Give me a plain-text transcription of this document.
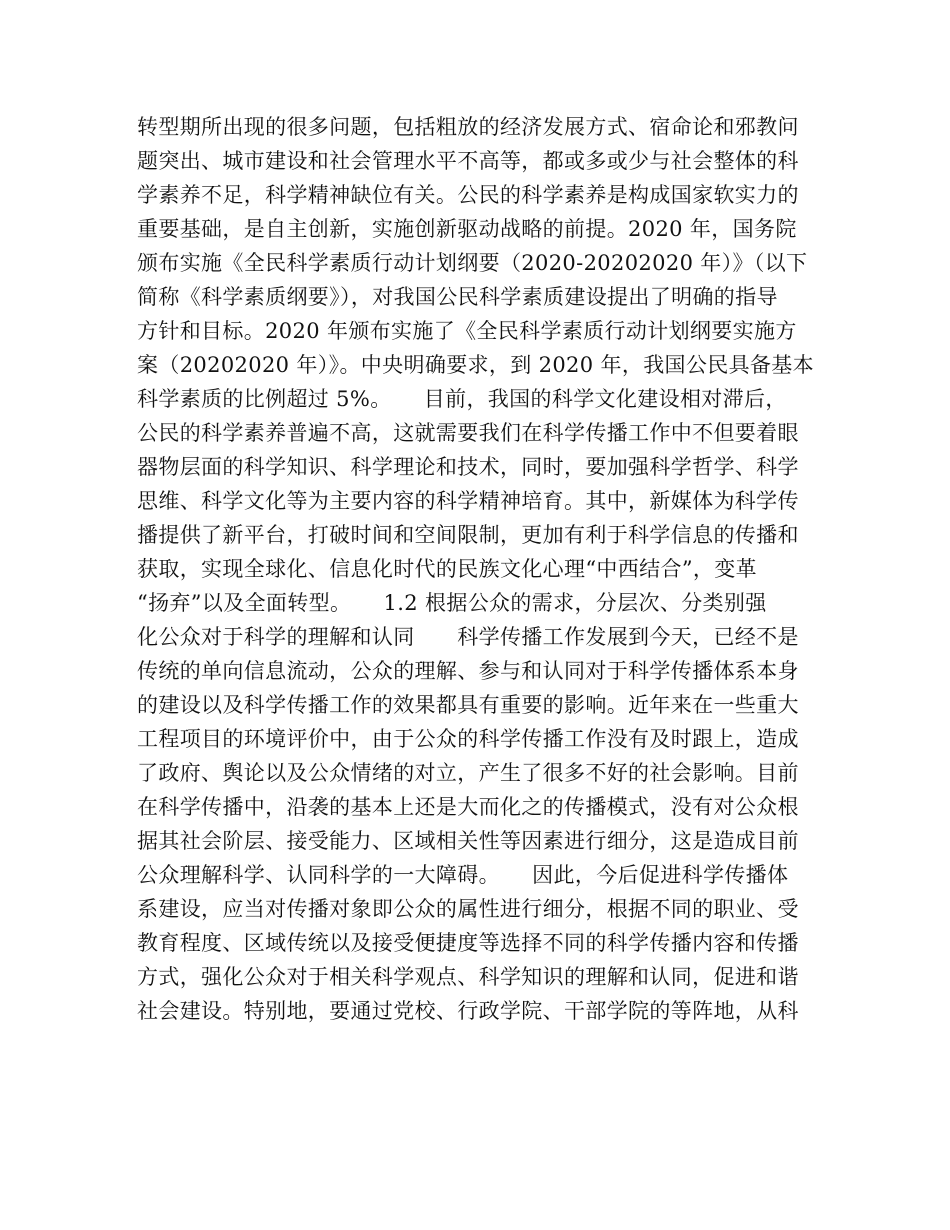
转型期所出现的很多问题，包括粗放的经济发展方式、宿命论和邪教问
题突出、城市建设和社会管理水平不高等，都或多或少与社会整体的科
学素养不足，科学精神缺位有关。公民的科学素养是构成国家软实力的
重要基础，是自主创新，实施创新驱动战略的前提。2020 年，国务院
颁布实施《全民科学素质行动计划纲要（2020-20202020 年）》（以下
简称《科学素质纲要》），对我国公民科学素质建设提出了明确的指导
方针和目标。2020 年颁布实施了《全民科学素质行动计划纲要实施方
案（20202020 年）》。中央明确要求，到 2020 年，我国公民具备基本
科学素质的比例超过 5%。　　目前，我国的科学文化建设相对滞后，
公民的科学素养普遍不高，这就需要我们在科学传播工作中不但要着眼
器物层面的科学知识、科学理论和技术，同时，要加强科学哲学、科学
思维、科学文化等为主要内容的科学精神培育。其中，新媒体为科学传
播提供了新平台，打破时间和空间限制，更加有利于科学信息的传播和
获取，实现全球化、信息化时代的民族文化心理“中西结合”，变革
“扬弃”以及全面转型。　　1.2 根据公众的需求，分层次、分类别强
化公众对于科学的理解和认同　　科学传播工作发展到今天，已经不是
传统的单向信息流动，公众的理解、参与和认同对于科学传播体系本身
的建设以及科学传播工作的效果都具有重要的影响。近年来在一些重大
工程项目的环境评价中，由于公众的科学传播工作没有及时跟上，造成
了政府、舆论以及公众情绪的对立，产生了很多不好的社会影响。目前
在科学传播中，沿袭的基本上还是大而化之的传播模式，没有对公众根
据其社会阶层、接受能力、区域相关性等因素进行细分，这是造成目前
公众理解科学、认同科学的一大障碍。　　因此，今后促进科学传播体
系建设，应当对传播对象即公众的属性进行细分，根据不同的职业、受
教育程度、区域传统以及接受便捷度等选择不同的科学传播内容和传播
方式，强化公众对于相关科学观点、科学知识的理解和认同，促进和谐
社会建设。特别地，要通过党校、行政学院、干部学院的等阵地，从科
